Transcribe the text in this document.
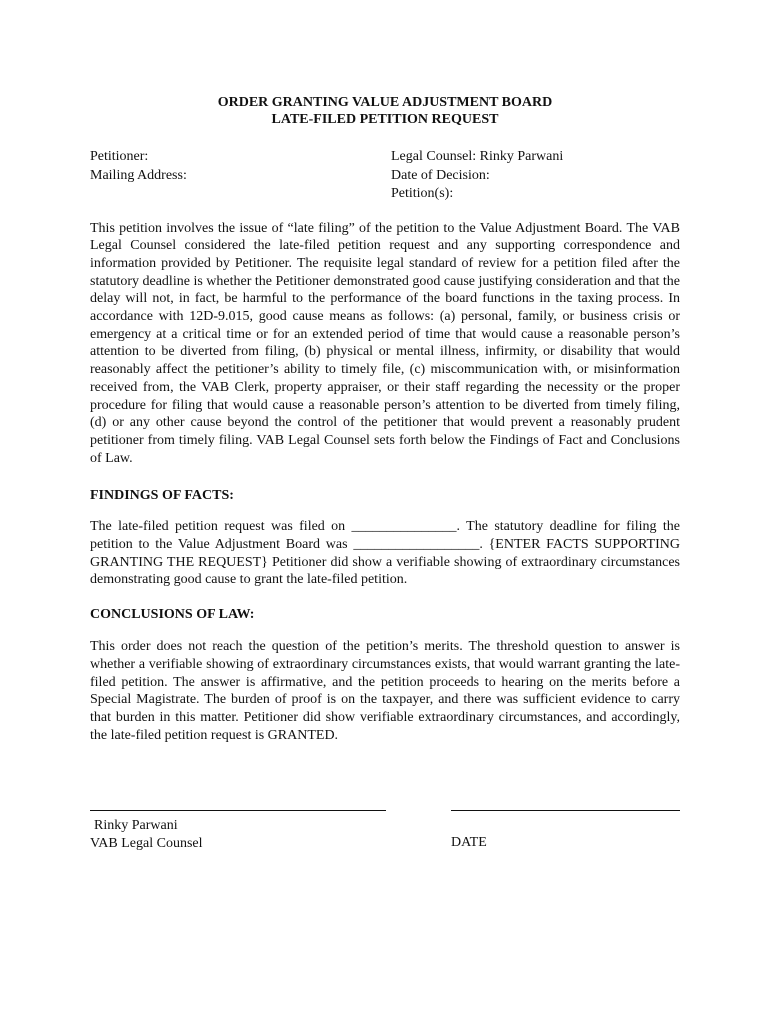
ORDER GRANTING VALUE ADJUSTMENT BOARD
LATE-FILED PETITION REQUEST
Petitioner:
Mailing Address:
Legal Counsel: Rinky Parwani
Date of Decision:
Petition(s):

This petition involves the issue of “late filing” of the petition to the Value Adjustment Board. The VAB Legal Counsel considered the late-filed petition request and any supporting correspondence and information provided by Petitioner. The requisite legal standard of review for a petition filed after the statutory deadline is whether the Petitioner demonstrated good cause justifying consideration and that the delay will not, in fact, be harmful to the performance of the board functions in the taxing process. In accordance with 12D-9.015, good cause means as follows: (a) personal, family, or business crisis or emergency at a critical time or for an extended period of time that would cause a reasonable person’s attention to be diverted from filing, (b) physical or mental illness, infirmity, or disability that would reasonably affect the petitioner’s ability to timely file, (c) miscommunication with, or misinformation received from, the VAB Clerk, property appraiser, or their staff regarding the necessity or the proper procedure for filing that would cause a reasonable person’s attention to be diverted from timely filing, (d) or any other cause beyond the control of the petitioner that would prevent a reasonably prudent petitioner from timely filing. VAB Legal Counsel sets forth below the Findings of Fact and Conclusions of Law.

FINDINGS OF FACTS:

The late-filed petition request was filed on _______________. The statutory deadline for filing the petition to the Value Adjustment Board was __________________. {ENTER FACTS SUPPORTING GRANTING THE REQUEST} Petitioner did show a verifiable showing of extraordinary circumstances demonstrating good cause to grant the late-filed petition.

CONCLUSIONS OF LAW:

This order does not reach the question of the petition’s merits. The threshold question to answer is whether a verifiable showing of extraordinary circumstances exists, that would warrant granting the late-filed petition. The answer is affirmative, and the petition proceeds to hearing on the merits before a Special Magistrate. The burden of proof is on the taxpayer, and there was sufficient evidence to carry that burden in this matter. Petitioner did show verifiable extraordinary circumstances, and accordingly, the late-filed petition request is GRANTED.

Rinky Parwani
VAB Legal Counsel	DATE
